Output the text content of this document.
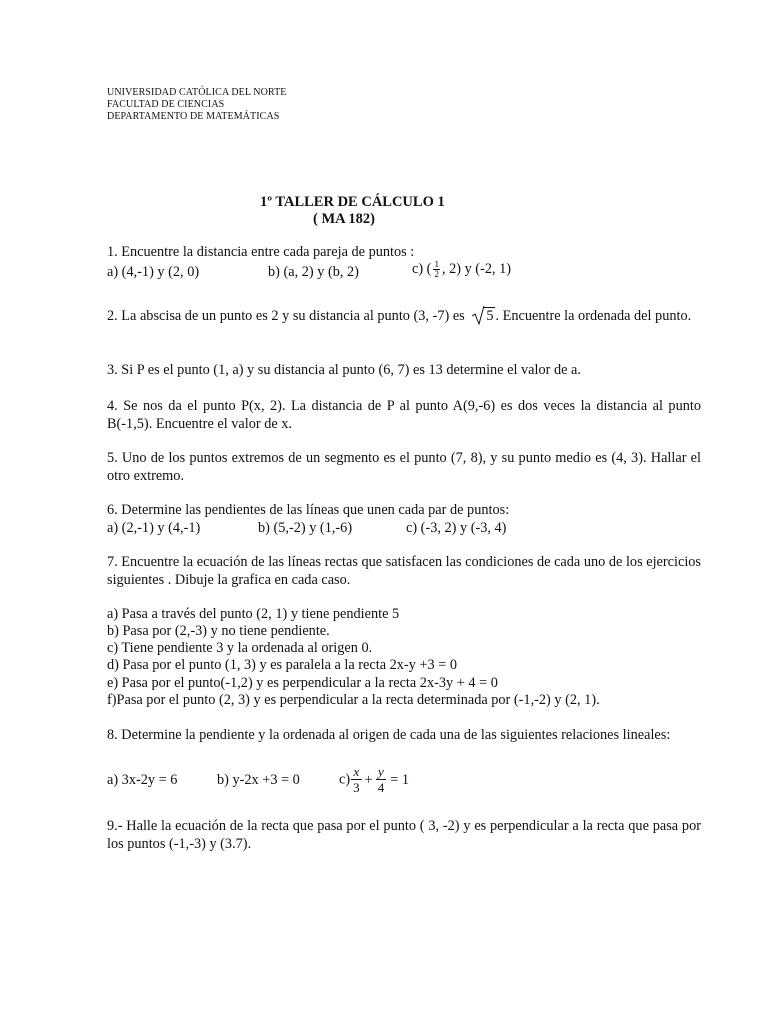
UNIVERSIDAD CATÓLICA DEL NORTE
FACULTAD DE CIENCIAS
DEPARTAMENTO DE MATEMÁTICAS
1º TALLER DE CÁLCULO 1
( MA 182)
1. Encuentre la distancia entre cada pareja de puntos :
a) (4,-1) y (2, 0)	b) (a, 2) y (b, 2)	c) ( $\frac{1}{2}$ , 2) y (-2, 1)
2. La abscisa de un punto es 2 y su distancia al punto (3, -7) es 5 . Encuentre la ordenada del punto.
3. Si P es el punto (1, a) y su distancia al punto (6, 7) es 13 determine el valor de a.
4. Se nos da el punto P(x, 2). La distancia de P al punto A(9,-6) es dos veces la distancia al punto B(-1,5). Encuentre el valor de x.
5. Uno de los puntos extremos de un segmento es el punto (7, 8), y su punto medio es (4, 3). Hallar el otro extremo.
6. Determine las pendientes de las líneas que unen cada par de puntos:
a) (2,-1) y (4,-1)	b) (5,-2) y (1,-6)	c) (-3, 2) y (-3, 4)
7. Encuentre la ecuación de las líneas rectas que satisfacen las condiciones de cada uno de los ejercicios siguientes . Dibuje la grafica en cada caso.
a) Pasa a través del punto (2, 1) y tiene pendiente 5
b) Pasa por (2,-3) y no tiene pendiente.
c) Tiene pendiente 3 y la ordenada al origen 0.
d) Pasa por el punto (1, 3) y es paralela a la recta 2x-y +3 = 0
e) Pasa por el punto(-1,2) y es perpendicular a la recta 2x-3y + 4 = 0
f)Pasa por el punto (2, 3) y es perpendicular a la recta determinada por (-1,-2) y (2, 1).
8. Determine la pendiente y la ordenada al origen de cada una de las siguientes relaciones lineales:
a) 3x-2y = 6	b) y-2x +3 = 0	$c) \frac{x}{3} + \frac{y}{4} = 1$
9.- Halle la ecuación de la recta que pasa por el punto ( 3, -2) y es perpendicular a la recta que pasa por los puntos (-1,-3) y (3.7).
